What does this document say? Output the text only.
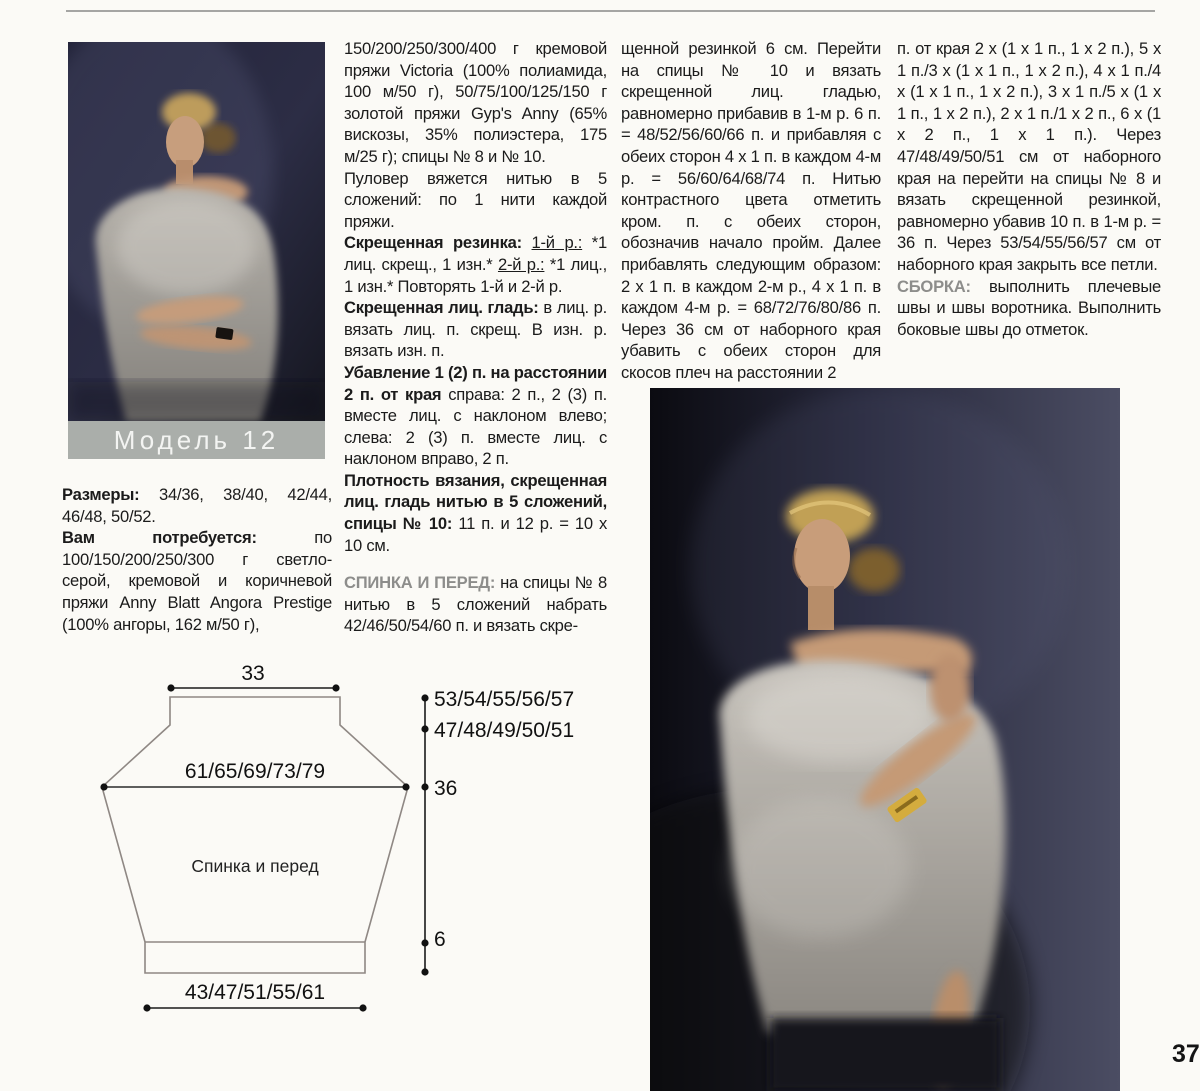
Модель 12

Размеры: 34/36, 38/40, 42/44, 46/48, 50/52.

Вам потребуется: по 100/150/200/250/300 г светло-серой, кремовой и коричневой пряжи Anny Blatt Angora Prestige (100% ангоры, 162 м/50 г),

150/200/250/300/400 г кремовой пряжи Victoria (100% полиамида, 100 м/50 г), 50/75/100/125/150 г золотой пряжи Gyp's Anny (65% вискозы, 35% полиэстера, 175 м/25 г); спицы № 8 и № 10.

Пуловер вяжется нитью в 5 сложений: по 1 нити каждой пряжи.

Скрещенная резинка: 1-й р.: *1 лиц. скрещ., 1 изн.* 2-й р.: *1 лиц., 1 изн.* Повторять 1-й и 2-й р.

Скрещенная лиц. гладь: в лиц. р. вязать лиц. п. скрещ. В изн. р. вязать изн. п.

Убавление 1 (2) п. на расстоянии 2 п. от края справа: 2 п., 2 (3) п. вместе лиц. с наклоном влево; слева: 2 (3) п. вместе лиц. с наклоном вправо, 2 п.

Плотность вязания, скрещенная лиц. гладь нитью в 5 сложений, спицы № 10: 11 п. и 12 р. = 10 х 10 см.

СПИНКА И ПЕРЕД: на спицы № 8 нитью в 5 сложений набрать 42/46/50/54/60 п. и вязать скре-

щенной резинкой 6 см. Перейти на спицы № 10 и вязать скрещенной лиц. гладью, равномерно прибавив в 1-м р. 6 п. = 48/52/56/60/66 п. и прибавляя с обеих сторон 4 х 1 п. в каждом 4-м р. = 56/60/64/68/74 п. Нитью контрастного цвета отметить кром. п. с обеих сторон, обозначив начало пройм. Далее прибавлять следующим образом: 2 х 1 п. в каждом 2-м р., 4 х 1 п. в каждом 4-м р. = 68/72/76/80/86 п. Через 36 см от наборного края убавить с обеих сторон для скосов плеч на расстоянии 2

п. от края 2 х (1 х 1 п., 1 х 2 п.), 5 х 1 п./3 х (1 х 1 п., 1 х 2 п.), 4 х 1 п./4 х (1 х 1 п., 1 х 2 п.), 3 х 1 п./5 х (1 х 1 п., 1 х 2 п.), 2 х 1 п./1 х 2 п., 6 х (1 х 2 п., 1 х 1 п.). Через 47/48/49/50/51 см от наборного края на перейти на спицы № 8 и вязать скрещенной резинкой, равномерно убавив 10 п. в 1-м р. = 36 п. Через 53/54/55/56/57 см от наборного края закрыть все петли.

СБОРКА: выполнить плечевые швы и швы воротника. Выполнить боковые швы до отметок.

33
61/65/69/73/79
43/47/51/55/61
53/54/55/56/57
47/48/49/50/51
36
6
Спинка и перед
37
